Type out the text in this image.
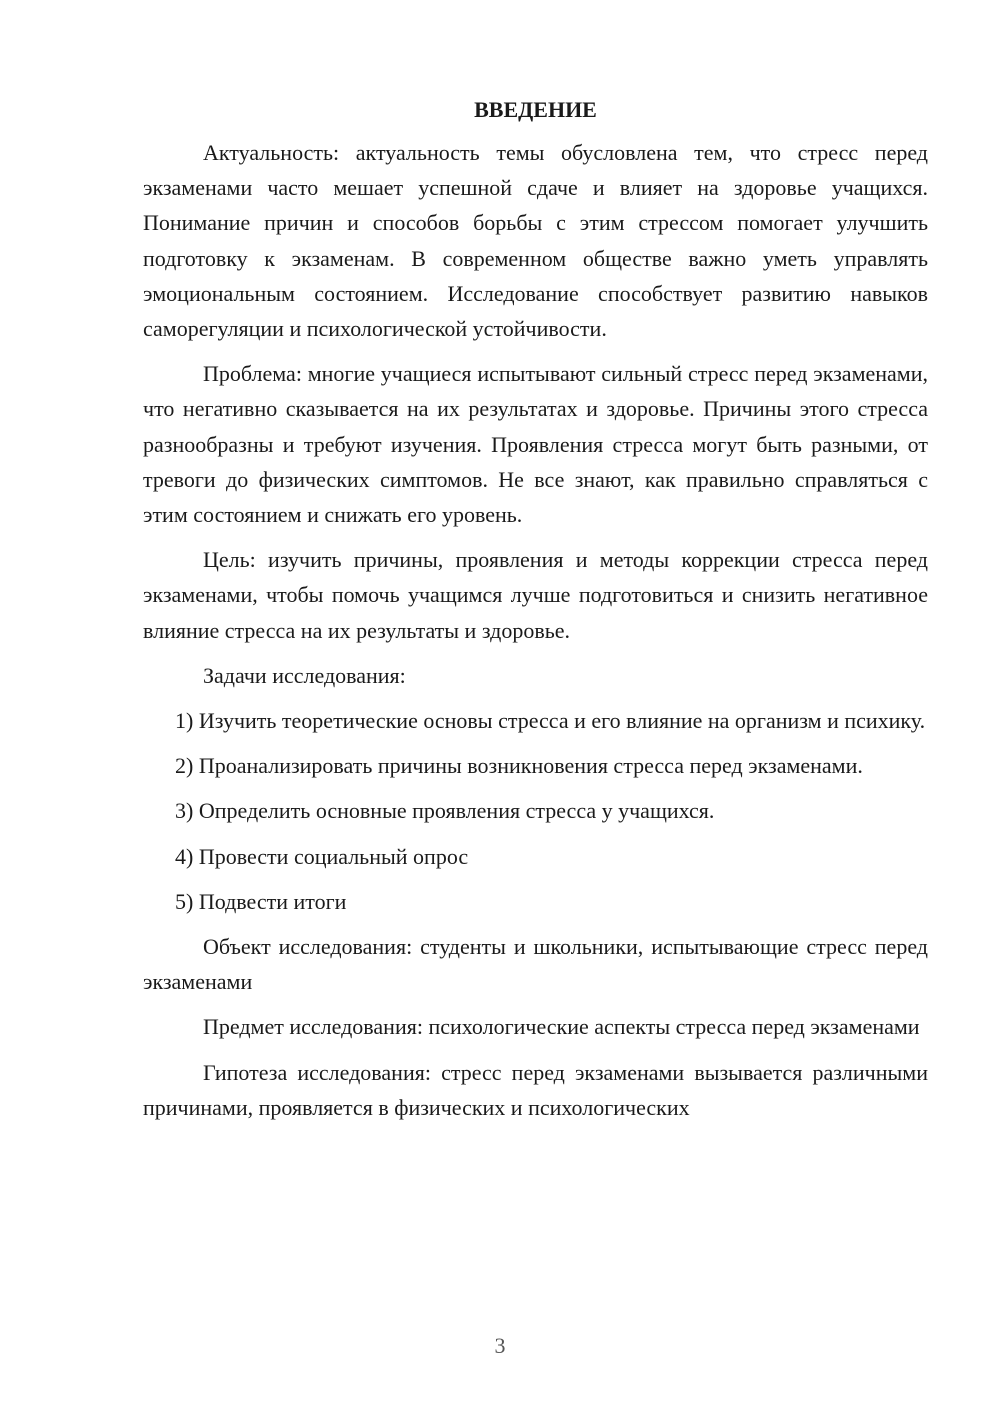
ВВЕДЕНИЕ

Актуальность: актуальность темы обусловлена тем, что стресс перед экзаменами часто мешает успешной сдаче и влияет на здоровье учащихся. Понимание причин и способов борьбы с этим стрессом помогает улучшить подготовку к экзаменам. В современном обществе важно уметь управлять эмоциональным состоянием. Исследование способствует развитию навыков саморегуляции и психологической устойчивости.

Проблема: многие учащиеся испытывают сильный стресс перед экзаменами, что негативно сказывается на их результатах и здоровье. Причины этого стресса разнообразны и требуют изучения. Проявления стресса могут быть разными, от тревоги до физических симптомов. Не все знают, как правильно справляться с этим состоянием и снижать его уровень.

Цель: изучить причины, проявления и методы коррекции стресса перед экзаменами, чтобы помочь учащимся лучше подготовиться и снизить негативное влияние стресса на их результаты и здоровье.

Задачи исследования:

1) Изучить теоретические основы стресса и его влияние на организм и психику.

2) Проанализировать причины возникновения стресса перед экзаменами.

3) Определить основные проявления стресса у учащихся.

4) Провести социальный опрос

5) Подвести итоги

Объект исследования: студенты и школьники, испытывающие стресс перед экзаменами

Предмет исследования: психологические аспекты стресса перед экзаменами

Гипотеза исследования: стресс перед экзаменами вызывается различными причинами, проявляется в физических и психологических

3
